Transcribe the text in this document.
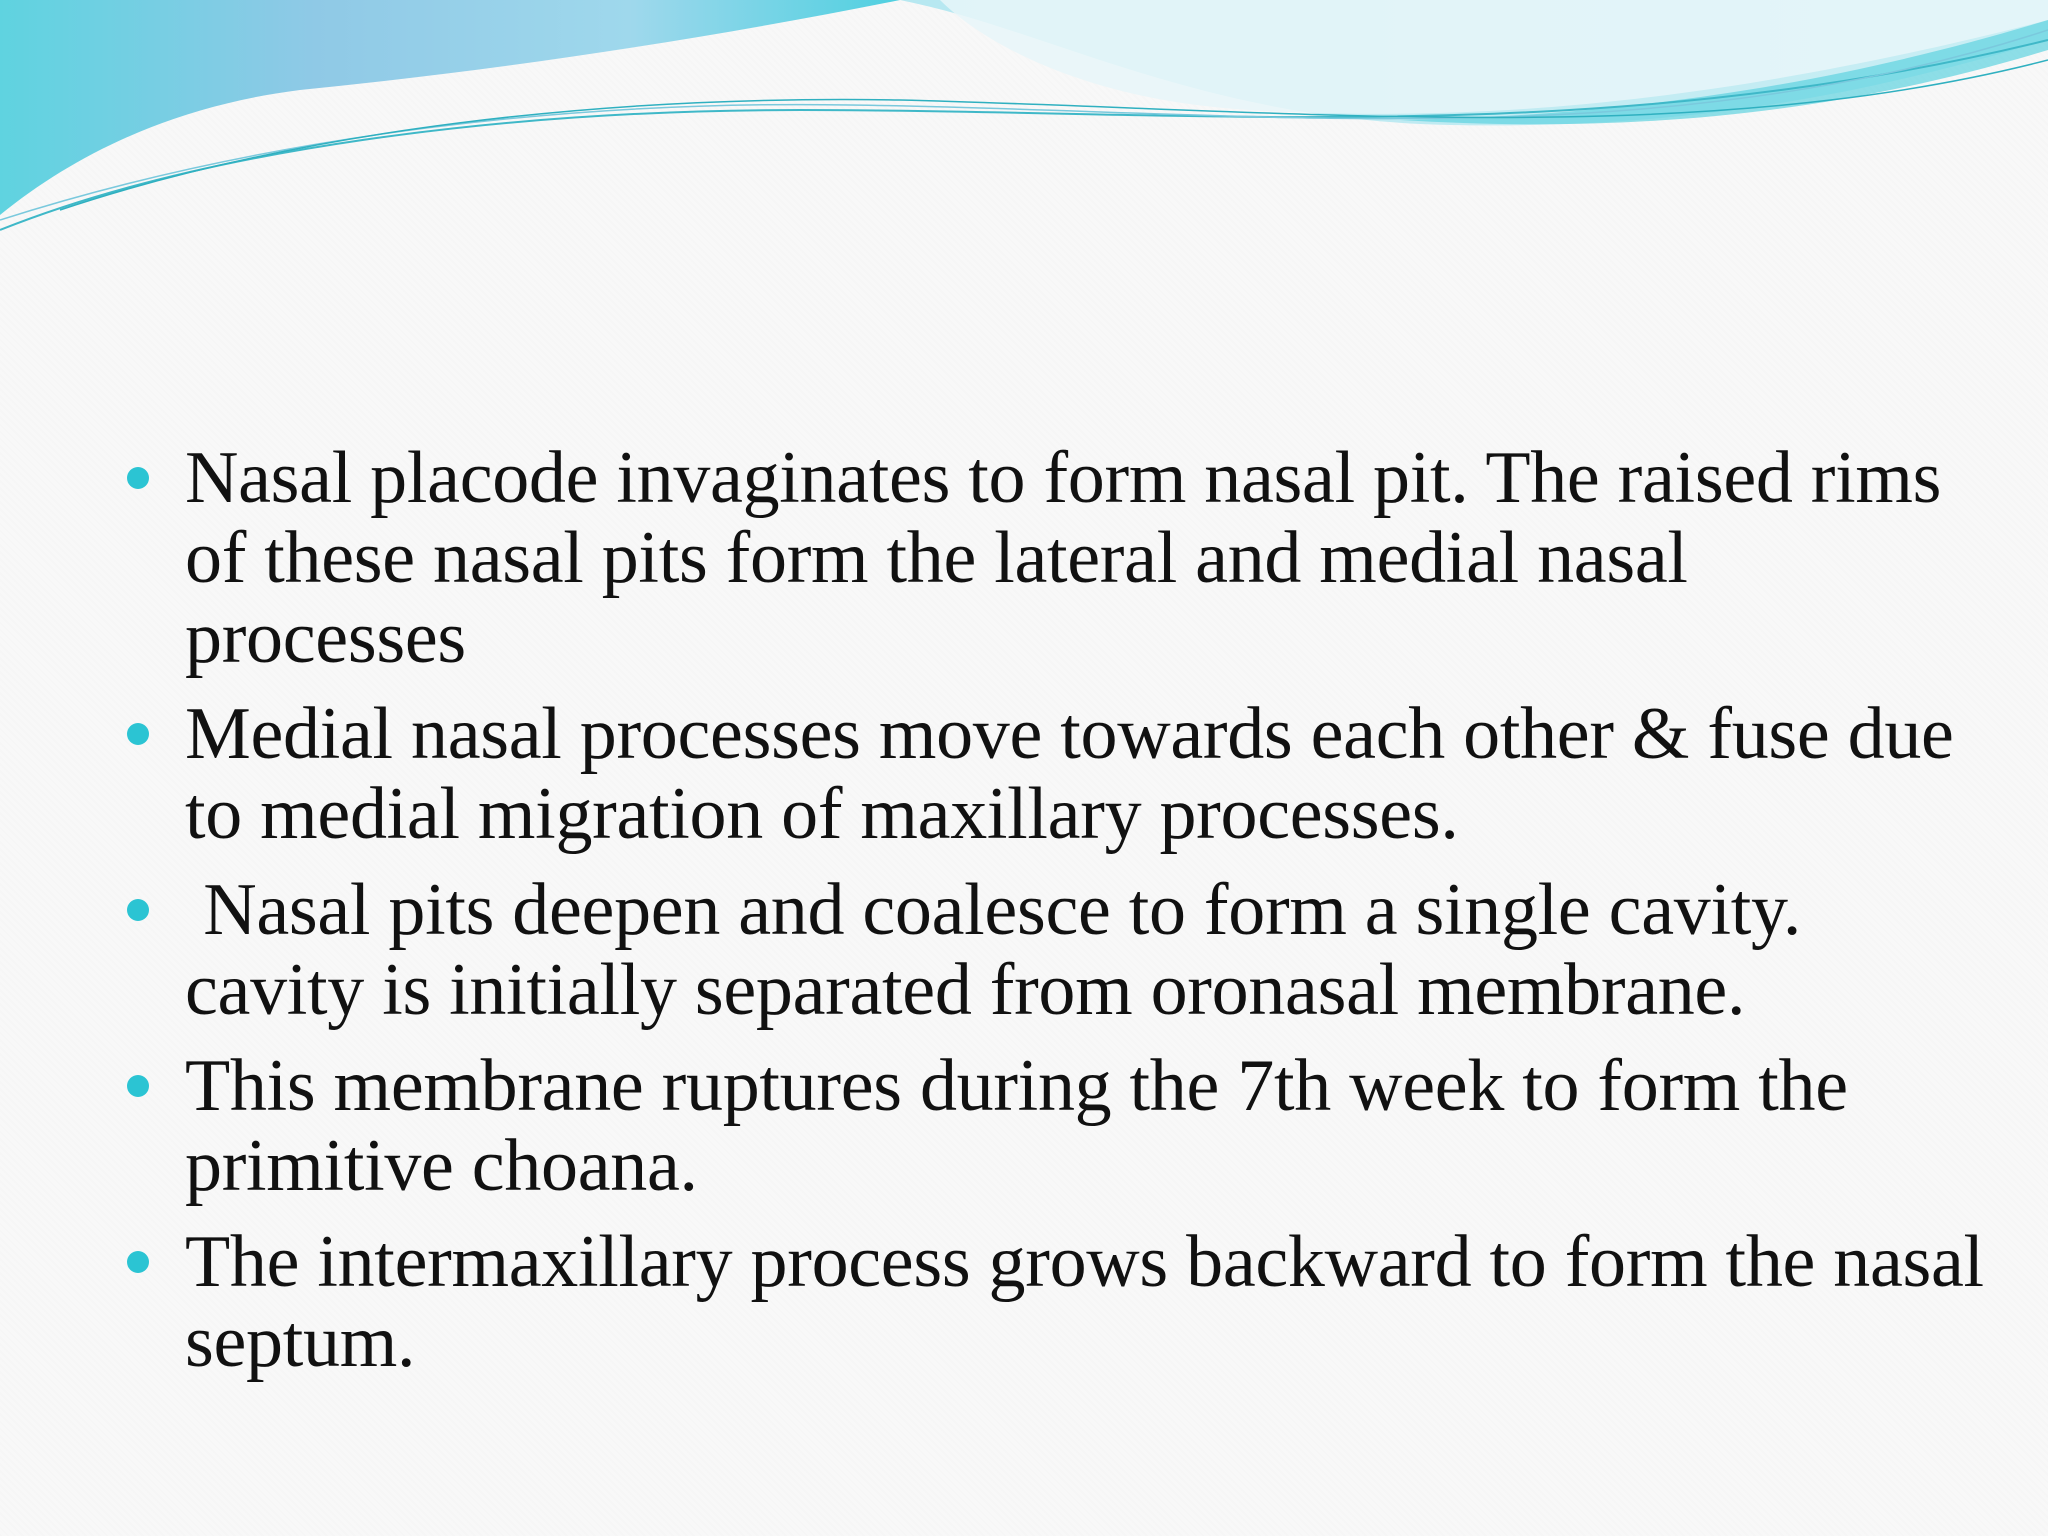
Nasal placode invaginates to form nasal pit. The raised rims of these nasal pits form the lateral and medial nasal processes
Medial nasal processes move towards each other & fuse due to medial migration of maxillary processes.
Nasal pits deepen and coalesce to form a single cavity. cavity is initially separated from oronasal membrane.
This membrane ruptures during the 7th week to form the primitive choana.
The intermaxillary process grows backward to form the nasal septum.
